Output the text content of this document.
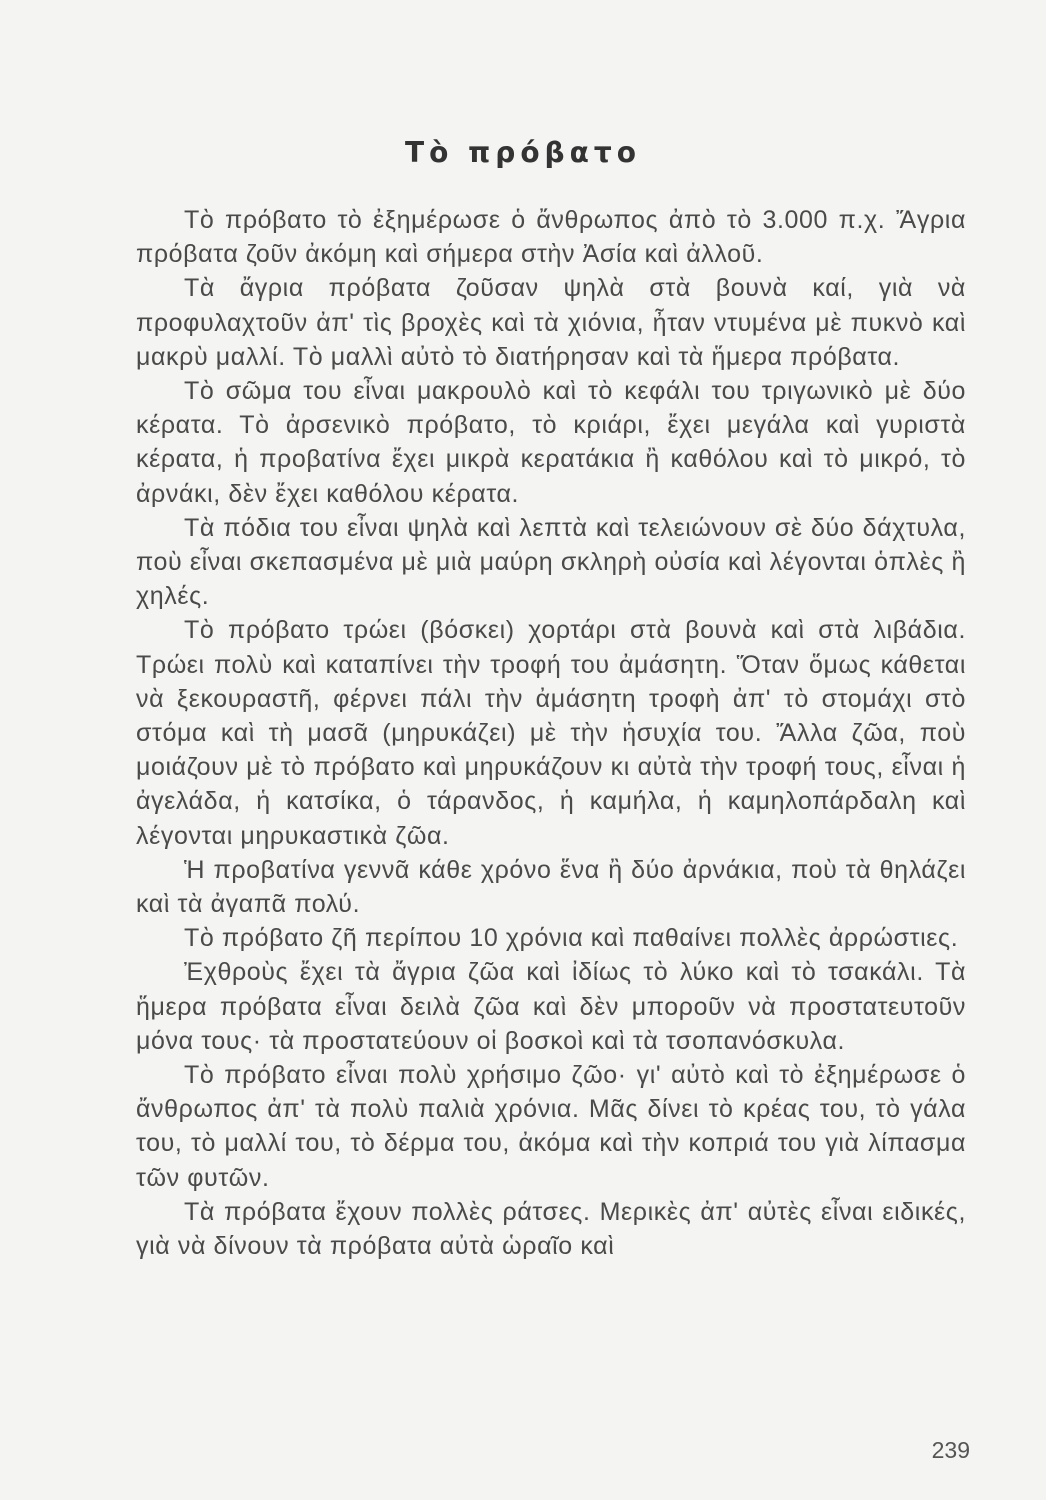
Τὸ πρόβατο

Τὸ πρόβατο τὸ ἐξημέρωσε ὁ ἄνθρωπος ἀπὸ τὸ 3.000 π.χ. Ἄγρια πρόβατα ζοῦν ἀκόμη καὶ σήμερα στὴν Ἀσία καὶ ἀλλοῦ.

Τὰ ἄγρια πρόβατα ζοῦσαν ψηλὰ στὰ βουνὰ καί, γιὰ νὰ προφυλαχτοῦν ἀπ' τὶς βροχὲς καὶ τὰ χιόνια, ἦταν ντυμένα μὲ πυκνὸ καὶ μακρὺ μαλλί. Τὸ μαλλὶ αὐτὸ τὸ διατήρησαν καὶ τὰ ἥμερα πρόβατα.

Τὸ σῶμα του εἶναι μακρουλὸ καὶ τὸ κεφάλι του τριγωνικὸ μὲ δύο κέρατα. Τὸ ἀρσενικὸ πρόβατο, τὸ κριάρι, ἔχει μεγάλα καὶ γυριστὰ κέρατα, ἡ προβατίνα ἔχει μικρὰ κερατάκια ἢ καθόλου καὶ τὸ μικρό, τὸ ἀρνάκι, δὲν ἔχει καθόλου κέρατα.

Τὰ πόδια του εἶναι ψηλὰ καὶ λεπτὰ καὶ τελειώνουν σὲ δύο δάχτυλα, ποὺ εἶναι σκεπασμένα μὲ μιὰ μαύρη σκληρὴ οὐσία καὶ λέγονται ὁπλὲς ἢ χηλές.

Τὸ πρόβατο τρώει (βόσκει) χορτάρι στὰ βουνὰ καὶ στὰ λιβάδια. Τρώει πολὺ καὶ καταπίνει τὴν τροφή του ἀμάσητη. Ὅταν ὅμως κάθεται νὰ ξεκουραστῆ, φέρνει πάλι τὴν ἀμάσητη τροφὴ ἀπ' τὸ στομάχι στὸ στόμα καὶ τὴ μασᾶ (μηρυκάζει) μὲ τὴν ἡσυχία του. Ἄλλα ζῶα, ποὺ μοιάζουν μὲ τὸ πρόβατο καὶ μηρυκάζουν κι αὐτὰ τὴν τροφή τους, εἶναι ἡ ἀγελάδα, ἡ κατσίκα, ὁ τάρανδος, ἡ καμήλα, ἡ καμηλοπάρδαλη καὶ λέγονται μηρυκαστικὰ ζῶα.

Ἡ προβατίνα γεννᾶ κάθε χρόνο ἕνα ἢ δύο ἀρνάκια, ποὺ τὰ θηλάζει καὶ τὰ ἀγαπᾶ πολύ.

Τὸ πρόβατο ζῆ περίπου 10 χρόνια καὶ παθαίνει πολλὲς ἀρρώστιες.

Ἐχθροὺς ἔχει τὰ ἄγρια ζῶα καὶ ἰδίως τὸ λύκο καὶ τὸ τσακάλι. Τὰ ἥμερα πρόβατα εἶναι δειλὰ ζῶα καὶ δὲν μποροῦν νὰ προστατευτοῦν μόνα τους· τὰ προστατεύουν οἱ βοσκοὶ καὶ τὰ τσοπανόσκυλα.

Τὸ πρόβατο εἶναι πολὺ χρήσιμο ζῶο· γι' αὐτὸ καὶ τὸ ἐξημέρωσε ὁ ἄνθρωπος ἀπ' τὰ πολὺ παλιὰ χρόνια. Μᾶς δίνει τὸ κρέας του, τὸ γάλα του, τὸ μαλλί του, τὸ δέρμα του, ἀκόμα καὶ τὴν κοπριά του γιὰ λίπασμα τῶν φυτῶν.

Τὰ πρόβατα ἔχουν πολλὲς ράτσες. Μερικὲς ἀπ' αὐτὲς εἶναι ειδικές, γιὰ νὰ δίνουν τὰ πρόβατα αὐτὰ ὡραῖο καὶ

239
